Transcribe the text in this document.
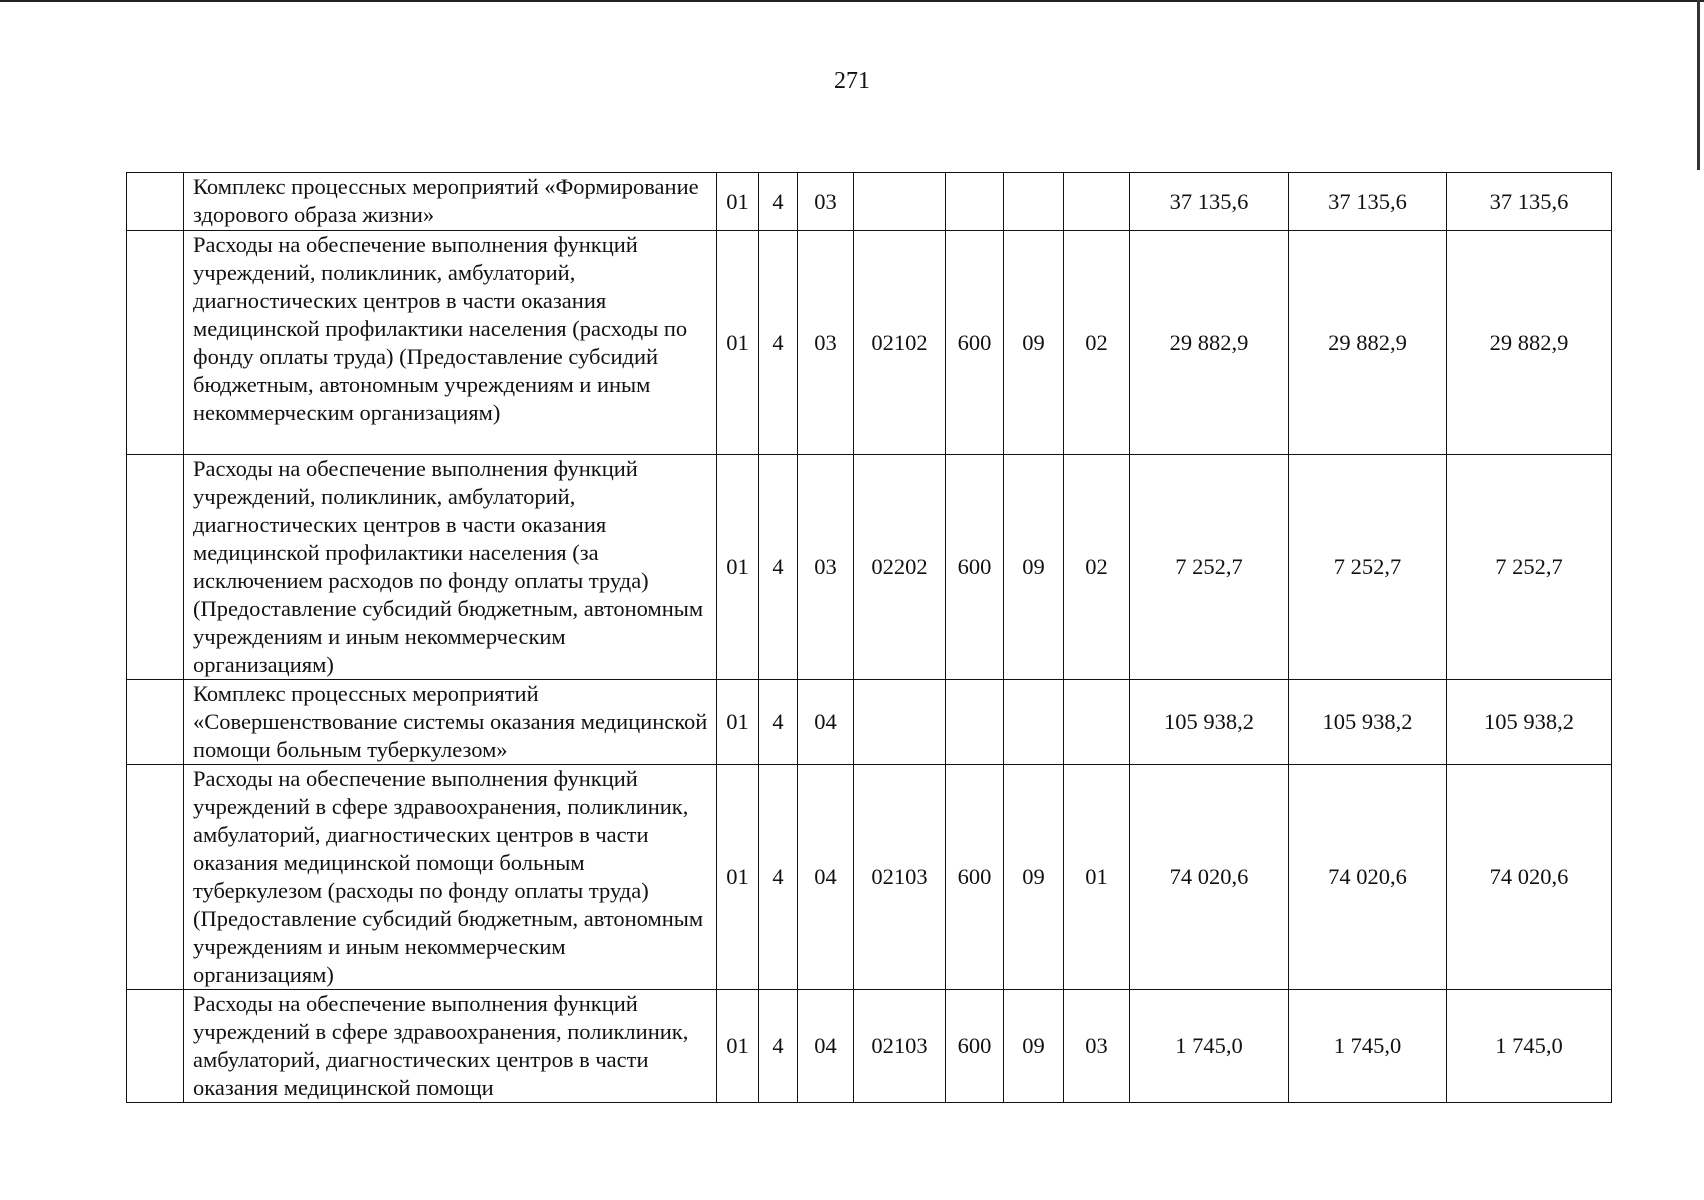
271
	Комплекс процессных мероприятий «Формирование здорового образа жизни»	01	4	03					37 135,6	37 135,6	37 135,6
	Расходы на обеспечение выполнения функций учреждений, поликлиник, амбулаторий, диагностических центров в части оказания медицинской профилактики населения (расходы по фонду оплаты труда) (Предоставление субсидий бюджетным, автономным учреждениям и иным некоммерческим организациям)	01	4	03	02102	600	09	02	29 882,9	29 882,9	29 882,9
	Расходы на обеспечение выполнения функций учреждений, поликлиник, амбулаторий, диагностических центров в части оказания медицинской профилактики населения (за исключением расходов по фонду оплаты труда) (Предоставление субсидий бюджетным, автономным учреждениям и иным некоммерческим организациям)	01	4	03	02202	600	09	02	7 252,7	7 252,7	7 252,7
	Комплекс процессных мероприятий «Совершенствование системы оказания медицинской помощи больным туберкулезом»	01	4	04					105 938,2	105 938,2	105 938,2
	Расходы на обеспечение выполнения функций учреждений в сфере здравоохранения, поликлиник, амбулаторий, диагностических центров в части оказания медицинской помощи больным туберкулезом (расходы по фонду оплаты труда) (Предоставление субсидий бюджетным, автономным учреждениям и иным некоммерческим организациям)	01	4	04	02103	600	09	01	74 020,6	74 020,6	74 020,6
	Расходы на обеспечение выполнения функций учреждений в сфере здравоохранения, поликлиник, амбулаторий, диагностических центров в части оказания медицинской помощи	01	4	04	02103	600	09	03	1 745,0	1 745,0	1 745,0
